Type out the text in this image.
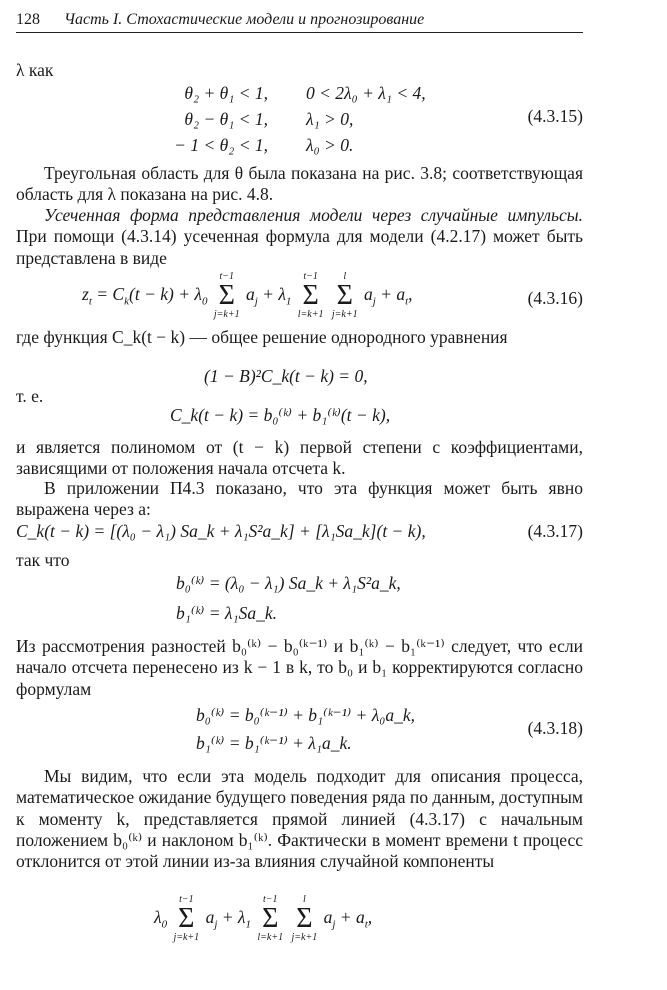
128 Часть I. Стохастические модели и прогнозирование
λ как
θ₂ + θ₁ < 1,
θ₂ − θ₁ < 1,
− 1 < θ₂ < 1,
0 < 2λ₀ + λ₁ < 4,
λ₁ > 0,
λ₀ > 0.
(4.3.15)
Треугольная область для θ была показана на рис. 3.8; соответствующая область для λ показана на рис. 4.8.
Усеченная форма представления модели через случайные импульсы. При помощи (4.3.14) усеченная формула для модели (4.2.17) может быть представлена в виде
$z_t = C_k(t - k) + \lambda_0$
t−1
Σ
j=k+1
$a_j + \lambda_1$
t−1
Σ
l=k+1

l
Σ
j=k+1
$a_j + a_t$,	(4.3.16)
где функция C_k(t − k) — общее решение однородного уравнения
(1 − B)²C_k(t − k) = 0,
т. е.
C_k(t − k) = b₀⁽ᵏ⁾ + b₁⁽ᵏ⁾(t − k),
и является полиномом от (t − k) первой степени с коэффициентами, зависящими от положения начала отсчета k.
В приложении П4.3 показано, что эта функция может быть явно выражена через a:
C_k(t − k) = [(λ₀ − λ₁) Sa_k + λ₁S²a_k] + [λ₁Sa_k](t − k),	(4.3.17)
так что
b₀⁽ᵏ⁾ = (λ₀ − λ₁) Sa_k + λ₁S²a_k,
b₁⁽ᵏ⁾ = λ₁Sa_k.
Из рассмотрения разностей b₀⁽ᵏ⁾ − b₀⁽ᵏ⁻¹⁾ и b₁⁽ᵏ⁾ − b₁⁽ᵏ⁻¹⁾ следует, что если начало отсчета перенесено из k − 1 в k, то b₀ и b₁ корректируются согласно формулам
b₀⁽ᵏ⁾ = b₀⁽ᵏ⁻¹⁾ + b₁⁽ᵏ⁻¹⁾ + λ₀a_k,
b₁⁽ᵏ⁾ = b₁⁽ᵏ⁻¹⁾ + λ₁a_k.
(4.3.18)
Мы видим, что если эта модель подходит для описания процесса, математическое ожидание будущего поведения ряда по данным, доступным к моменту k, представляется прямой линией (4.3.17) с начальным положением b₀⁽ᵏ⁾ и наклоном b₁⁽ᵏ⁾. Фактически в момент времени t процесс отклонится от этой линии из-за влияния случайной компоненты
$\lambda_0$
t−1
Σ
j=k+1
$a_j + \lambda_1$
t−1
Σ
l=k+1

l
Σ
j=k+1
$a_j + a_t$,
